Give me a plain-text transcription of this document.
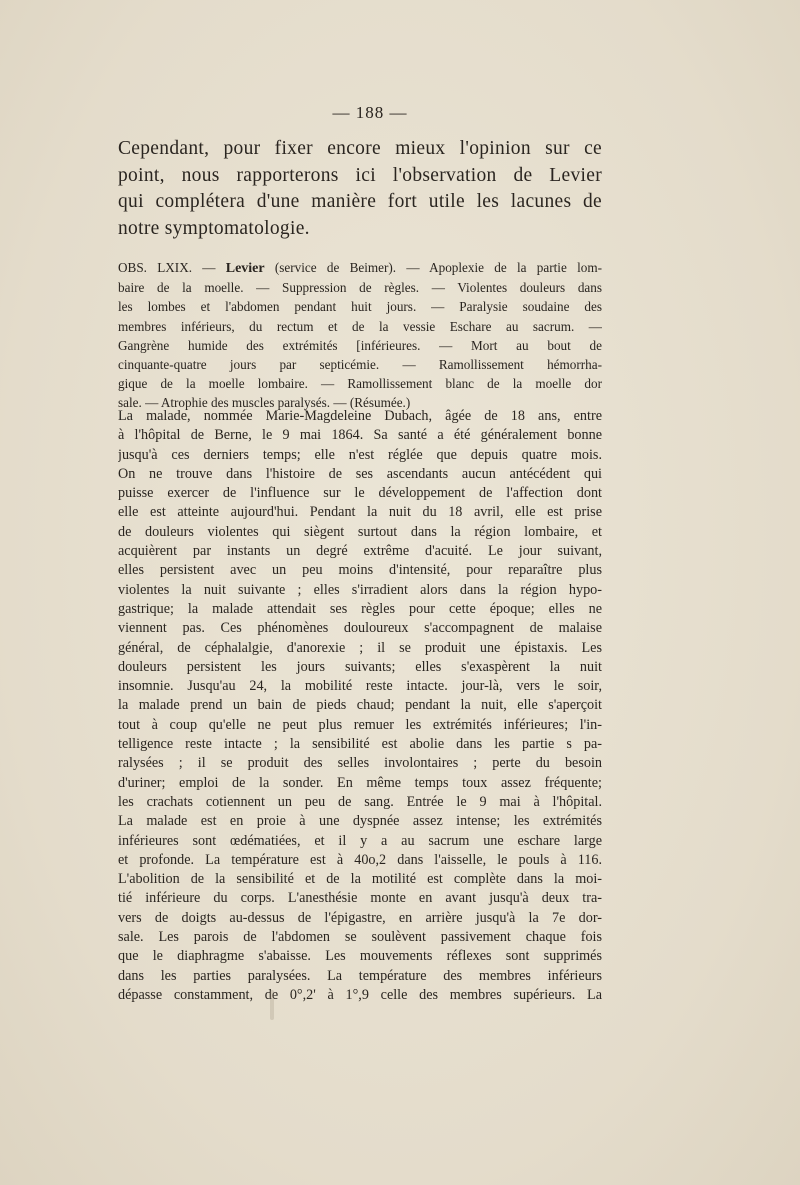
— 188 —
Cependant, pour fixer encore mieux l'opinion sur ce
point, nous rapporterons ici l'observation de Levier
qui complétera d'une manière fort utile les lacunes de
notre symptomatologie.
OBS. LXIX. — Levier (service de Beimer). — Apoplexie de la partie lom-
baire de la moelle. — Suppression de règles. — Violentes douleurs dans
les lombes et l'abdomen pendant huit jours. — Paralysie soudaine des
membres inférieurs, du rectum et de la vessie Eschare au sacrum. —
Gangrène humide des extrémités [inférieures. — Mort au bout de
cinquante-quatre jours par septicémie. — Ramollissement hémorrha-
gique de la moelle lombaire. — Ramollissement blanc de la moelle dor
sale. — Atrophie des muscles paralysés. — (Résumée.)
La malade, nommée Marie-Magdeleine Dubach, âgée de 18 ans, entre
à l'hôpital de Berne, le 9 mai 1864. Sa santé a été généralement bonne
jusqu'à ces derniers temps; elle n'est réglée que depuis quatre mois.
On ne trouve dans l'histoire de ses ascendants aucun antécédent qui
puisse exercer de l'influence sur le développement de l'affection dont
elle est atteinte aujourd'hui. Pendant la nuit du 18 avril, elle est prise
de douleurs violentes qui siègent surtout dans la région lombaire, et
acquièrent par instants un degré extrême d'acuité. Le jour suivant,
elles persistent avec un peu moins d'intensité, pour reparaître plus
violentes la nuit suivante ; elles s'irradient alors dans la région hypo-
gastrique; la malade attendait ses règles pour cette époque; elles ne
viennent pas. Ces phénomènes douloureux s'accompagnent de malaise
général, de céphalalgie, d'anorexie ; il se produit une épistaxis. Les
douleurs persistent les jours suivants; elles s'exaspèrent la nuit
insomnie. Jusqu'au 24, la mobilité reste intacte. jour-là, vers le soir,
la malade prend un bain de pieds chaud; pendant la nuit, elle s'aperçoit
tout à coup qu'elle ne peut plus remuer les extrémités inférieures; l'in-
telligence reste intacte ; la sensibilité est abolie dans les partie s pa-
ralysées ; il se produit des selles involontaires ; perte du besoin
d'uriner; emploi de la sonder. En même temps toux assez fréquente;
les crachats cotiennent un peu de sang. Entrée le 9 mai à l'hôpital.
La malade est en proie à une dyspnée assez intense; les extrémités
inférieures sont œdématiées, et il y a au sacrum une eschare large
et profonde. La température est à 40o,2 dans l'aisselle, le pouls à 116.
L'abolition de la sensibilité et de la motilité est complète dans la moi-
tié inférieure du corps. L'anesthésie monte en avant jusqu'à deux tra-
vers de doigts au-dessus de l'épigastre, en arrière jusqu'à la 7e dor-
sale. Les parois de l'abdomen se soulèvent passivement chaque fois
que le diaphragme s'abaisse. Les mouvements réflexes sont supprimés
dans les parties paralysées. La température des membres inférieurs
dépasse constamment, de 0°,2' à 1°,9 celle des membres supérieurs. La
